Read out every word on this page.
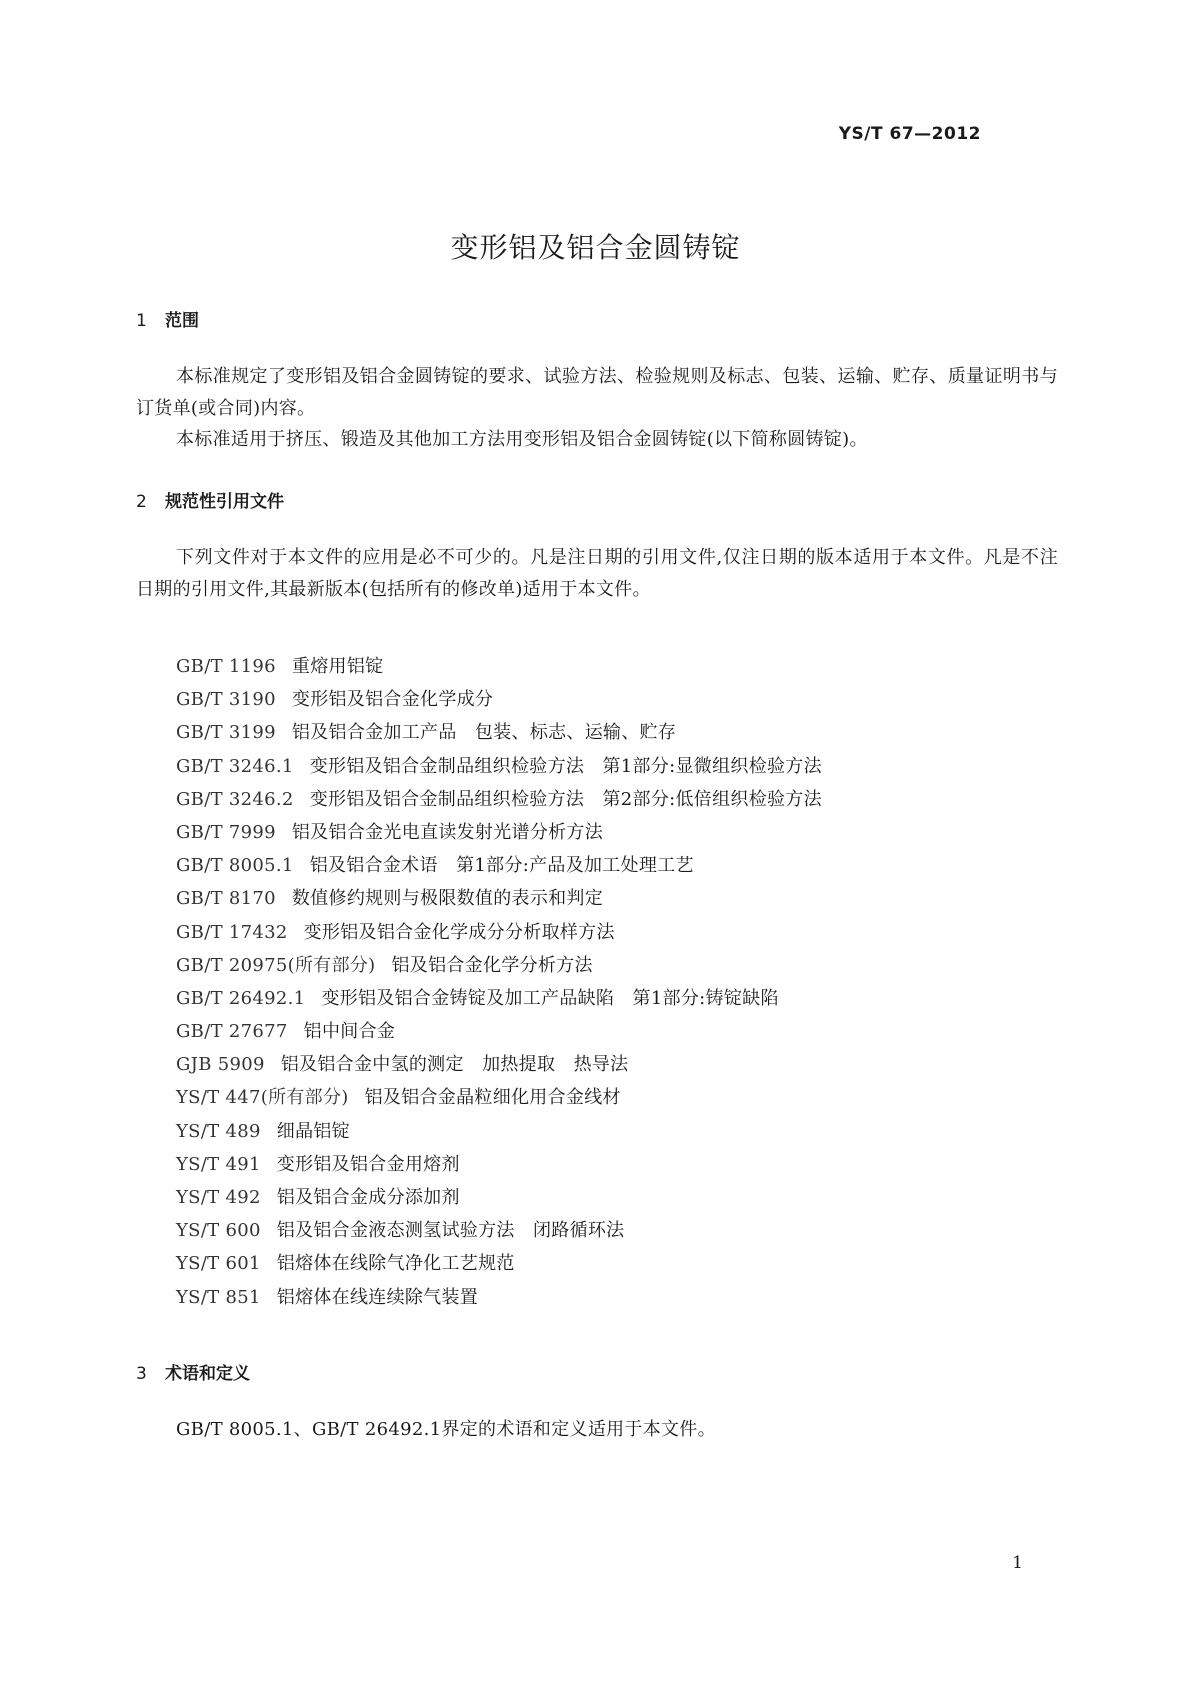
YS/T 67—2012
变形铝及铝合金圆铸锭
1 范围

本标准规定了变形铝及铝合金圆铸锭的要求、试验方法、检验规则及标志、包装、运输、贮存、质量证明书与订货单(或合同)内容。

本标准适用于挤压、锻造及其他加工方法用变形铝及铝合金圆铸锭(以下简称圆铸锭)。

2 规范性引用文件

下列文件对于本文件的应用是必不可少的。凡是注日期的引用文件,仅注日期的版本适用于本文件。凡是不注日期的引用文件,其最新版本(包括所有的修改单)适用于本文件。

GB/T 1196 重熔用铝锭
GB/T 3190 变形铝及铝合金化学成分
GB/T 3199 铝及铝合金加工产品　包装、标志、运输、贮存
GB/T 3246.1 变形铝及铝合金制品组织检验方法　第1部分:显微组织检验方法
GB/T 3246.2 变形铝及铝合金制品组织检验方法　第2部分:低倍组织检验方法
GB/T 7999 铝及铝合金光电直读发射光谱分析方法
GB/T 8005.1 铝及铝合金术语　第1部分:产品及加工处理工艺
GB/T 8170 数值修约规则与极限数值的表示和判定
GB/T 17432 变形铝及铝合金化学成分分析取样方法
GB/T 20975(所有部分) 铝及铝合金化学分析方法
GB/T 26492.1 变形铝及铝合金铸锭及加工产品缺陷　第1部分:铸锭缺陷
GB/T 27677 铝中间合金
GJB 5909 铝及铝合金中氢的测定　加热提取　热导法
YS/T 447(所有部分) 铝及铝合金晶粒细化用合金线材
YS/T 489 细晶铝锭
YS/T 491 变形铝及铝合金用熔剂
YS/T 492 铝及铝合金成分添加剂
YS/T 600 铝及铝合金液态测氢试验方法　闭路循环法
YS/T 601 铝熔体在线除气净化工艺规范
YS/T 851 铝熔体在线连续除气装置
3 术语和定义

GB/T 8005.1、GB/T 26492.1界定的术语和定义适用于本文件。

1
